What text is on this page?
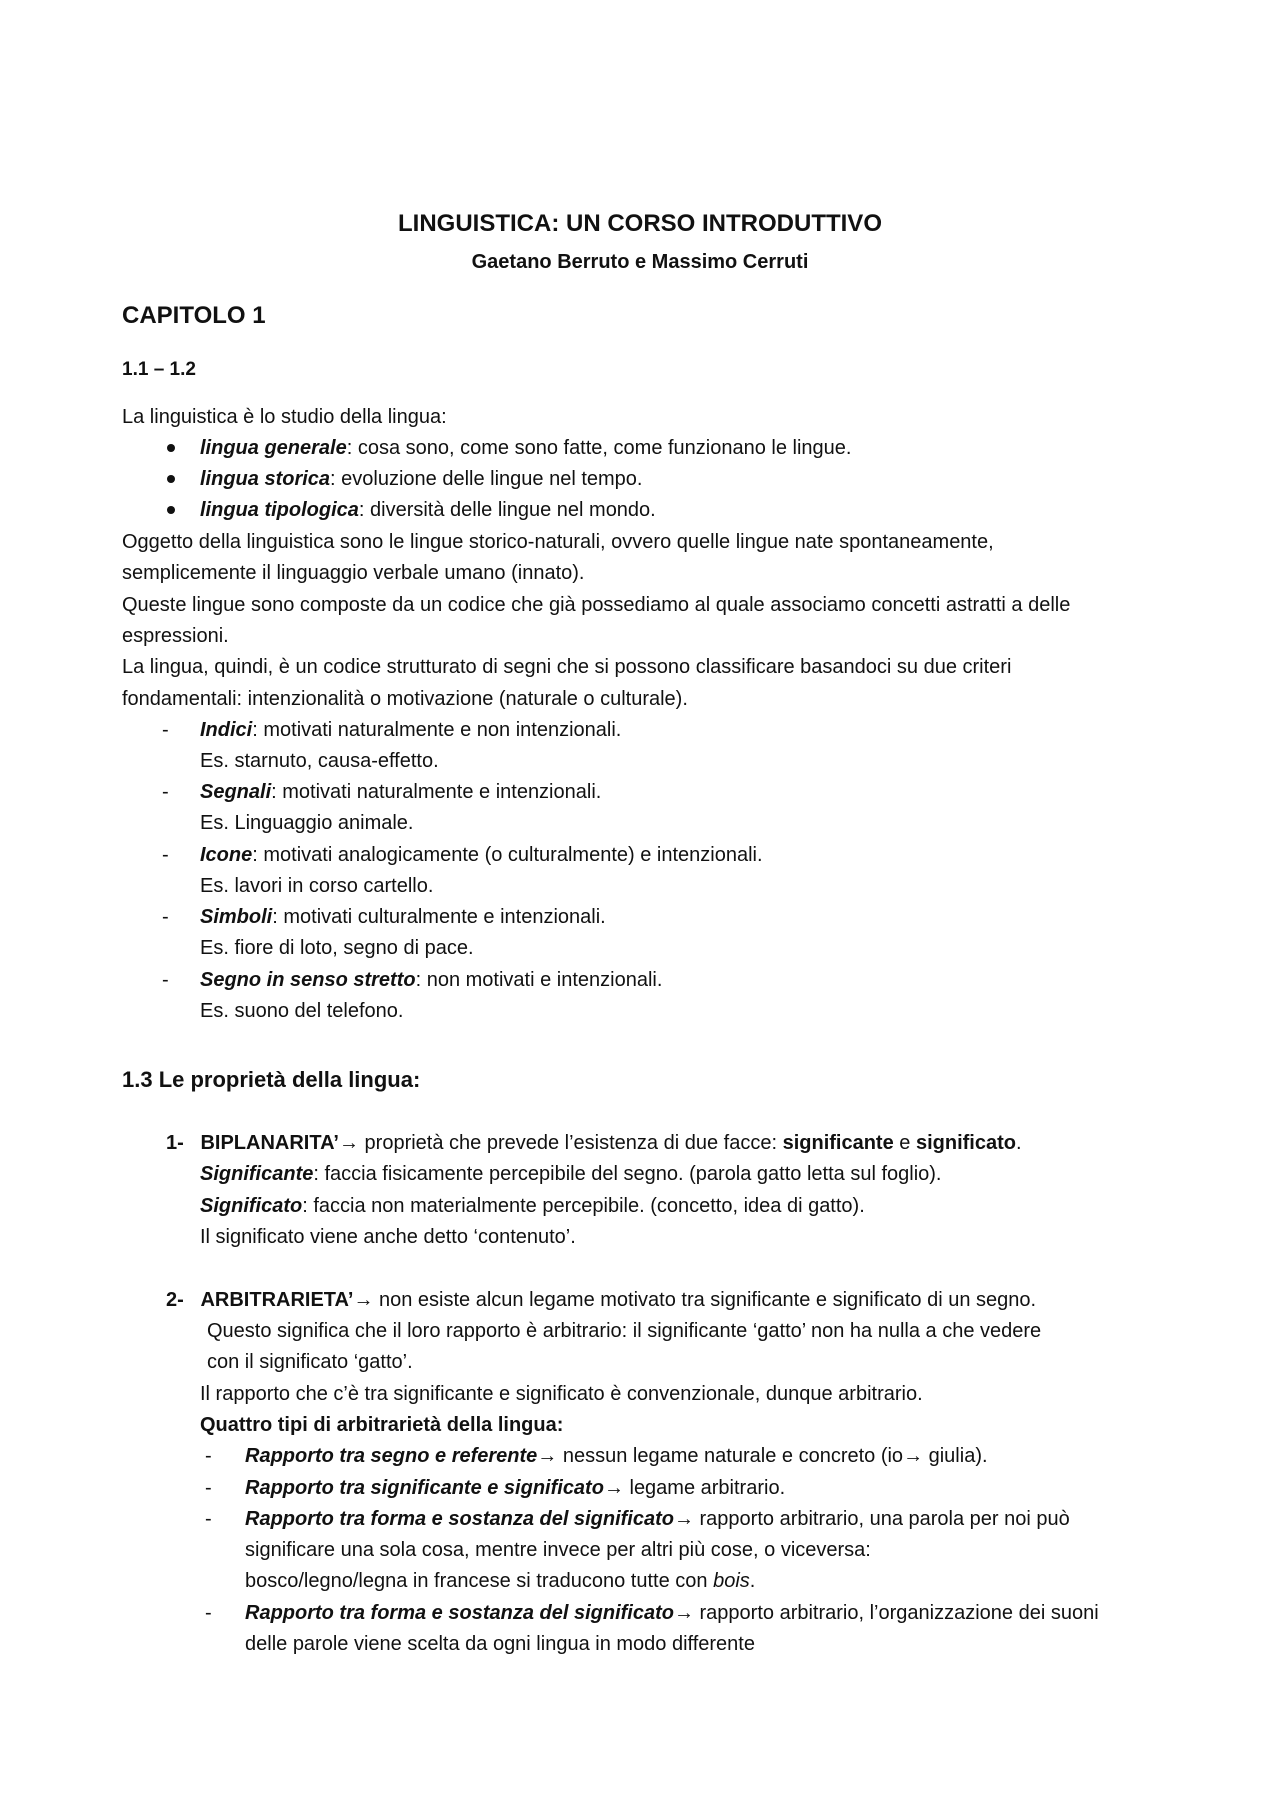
LINGUISTICA: UN CORSO INTRODUTTIVO
Gaetano Berruto e Massimo Cerruti
CAPITOLO 1
1.1 – 1.2
La linguistica è lo studio della lingua:
lingua generale: cosa sono, come sono fatte, come funzionano le lingue.
lingua storica: evoluzione delle lingue nel tempo.
lingua tipologica: diversità delle lingue nel mondo.
Oggetto della linguistica sono le lingue storico-naturali, ovvero quelle lingue nate spontaneamente,
semplicemente il linguaggio verbale umano (innato).
Queste lingue sono composte da un codice che già possediamo al quale associamo concetti astratti a delle
espressioni.
La lingua, quindi, è un codice strutturato di segni che si possono classificare basandoci su due criteri
fondamentali: intenzionalità o motivazione (naturale o culturale).
- Indici: motivati naturalmente e non intenzionali.
Es. starnuto, causa-effetto.
- Segnali: motivati naturalmente e intenzionali.
Es. Linguaggio animale.
- Icone: motivati analogicamente (o culturalmente) e intenzionali.
Es. lavori in corso cartello.
- Simboli: motivati culturalmente e intenzionali.
Es. fiore di loto, segno di pace.
- Segno in senso stretto: non motivati e intenzionali.
Es. suono del telefono.
1.3 Le proprietà della lingua:
1- BIPLANARITA’→ proprietà che prevede l’esistenza di due facce: significante e significato.
Significante: faccia fisicamente percepibile del segno. (parola gatto letta sul foglio).
Significato: faccia non materialmente percepibile. (concetto, idea di gatto).
Il significato viene anche detto ‘contenuto’.
2- ARBITRARIETA’→ non esiste alcun legame motivato tra significante e significato di un segno.
Questo significa che il loro rapporto è arbitrario: il significante ‘gatto’ non ha nulla a che vedere
con il significato ‘gatto’.
Il rapporto che c’è tra significante e significato è convenzionale, dunque arbitrario.
Quattro tipi di arbitrarietà della lingua:
- Rapporto tra segno e referente→ nessun legame naturale e concreto (io→ giulia).
- Rapporto tra significante e significato→ legame arbitrario.
- Rapporto tra forma e sostanza del significato→ rapporto arbitrario, una parola per noi può
significare una sola cosa, mentre invece per altri più cose, o viceversa:
bosco/legno/legna in francese si traducono tutte con bois.
- Rapporto tra forma e sostanza del significato→ rapporto arbitrario, l’organizzazione dei suoni
delle parole viene scelta da ogni lingua in modo differente
